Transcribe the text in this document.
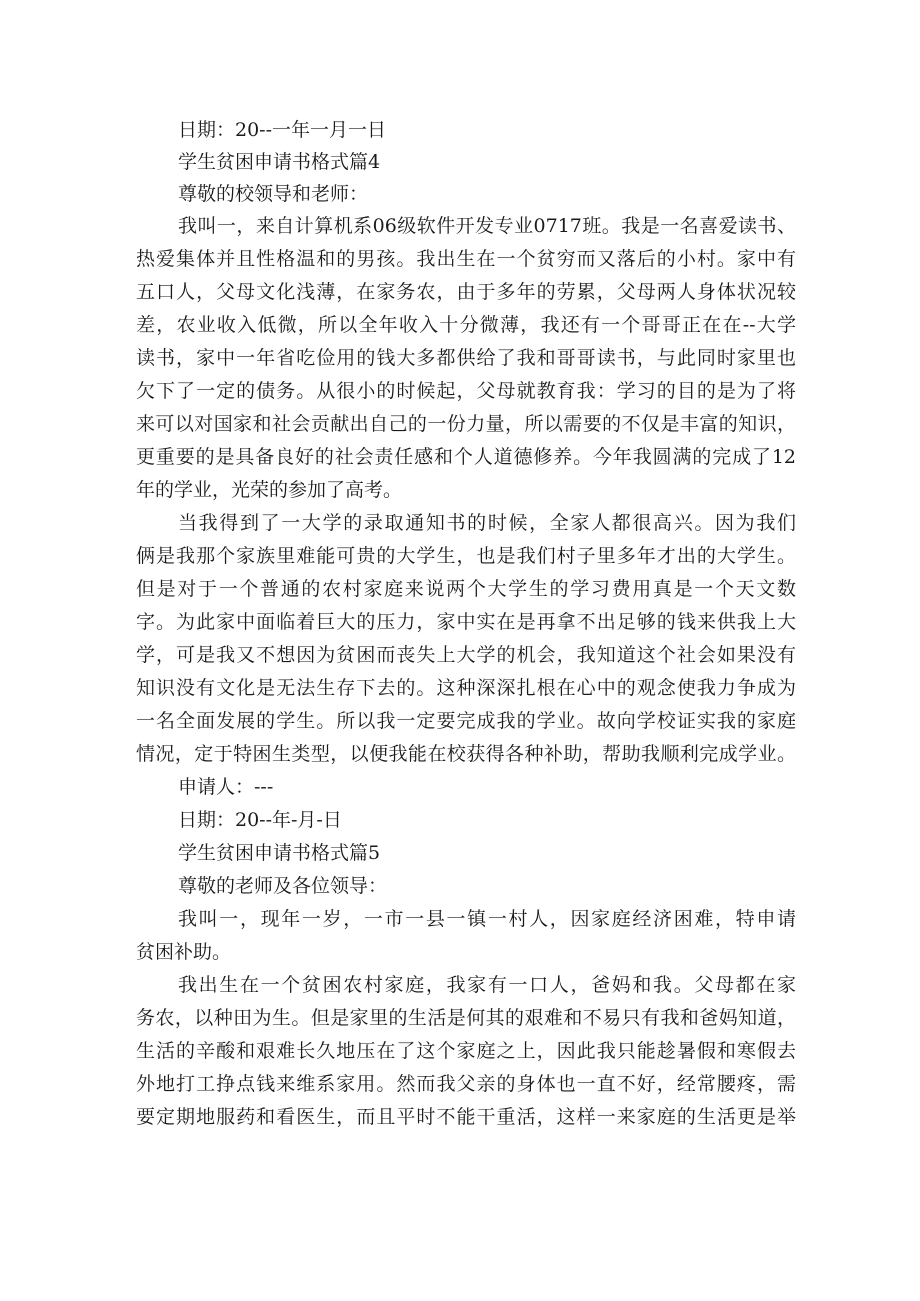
日期：20--一年一月一日
学生贫困申请书格式篇4
尊敬的校领导和老师：
我叫一，来自计算机系06级软件开发专业0717班。我是一名喜爱读书、
热爱集体并且性格温和的男孩。我出生在一个贫穷而又落后的小村。家中有
五口人，父母文化浅薄，在家务农，由于多年的劳累，父母两人身体状况较
差，农业收入低微，所以全年收入十分微薄，我还有一个哥哥正在在--大学
读书，家中一年省吃俭用的钱大多都供给了我和哥哥读书，与此同时家里也
欠下了一定的债务。从很小的时候起，父母就教育我：学习的目的是为了将
来可以对国家和社会贡献出自己的一份力量，所以需要的不仅是丰富的知识，
更重要的是具备良好的社会责任感和个人道德修养。今年我圆满的完成了12
年的学业，光荣的参加了高考。
当我得到了一大学的录取通知书的时候，全家人都很高兴。因为我们
俩是我那个家族里难能可贵的大学生，也是我们村子里多年才出的大学生。
但是对于一个普通的农村家庭来说两个大学生的学习费用真是一个天文数
字。为此家中面临着巨大的压力，家中实在是再拿不出足够的钱来供我上大
学，可是我又不想因为贫困而丧失上大学的机会，我知道这个社会如果没有
知识没有文化是无法生存下去的。这种深深扎根在心中的观念使我力争成为
一名全面发展的学生。所以我一定要完成我的学业。故向学校证实我的家庭
情况，定于特困生类型，以便我能在校获得各种补助，帮助我顺利完成学业。
申请人：---
日期：20--年-月-日
学生贫困申请书格式篇5
尊敬的老师及各位领导：
我叫一，现年一岁，一市一县一镇一村人，因家庭经济困难，特申请
贫困补助。
我出生在一个贫困农村家庭，我家有一口人，爸妈和我。父母都在家
务农，以种田为生。但是家里的生活是何其的艰难和不易只有我和爸妈知道，
生活的辛酸和艰难长久地压在了这个家庭之上，因此我只能趁暑假和寒假去
外地打工挣点钱来维系家用。然而我父亲的身体也一直不好，经常腰疼，需
要定期地服药和看医生，而且平时不能干重活，这样一来家庭的生活更是举
